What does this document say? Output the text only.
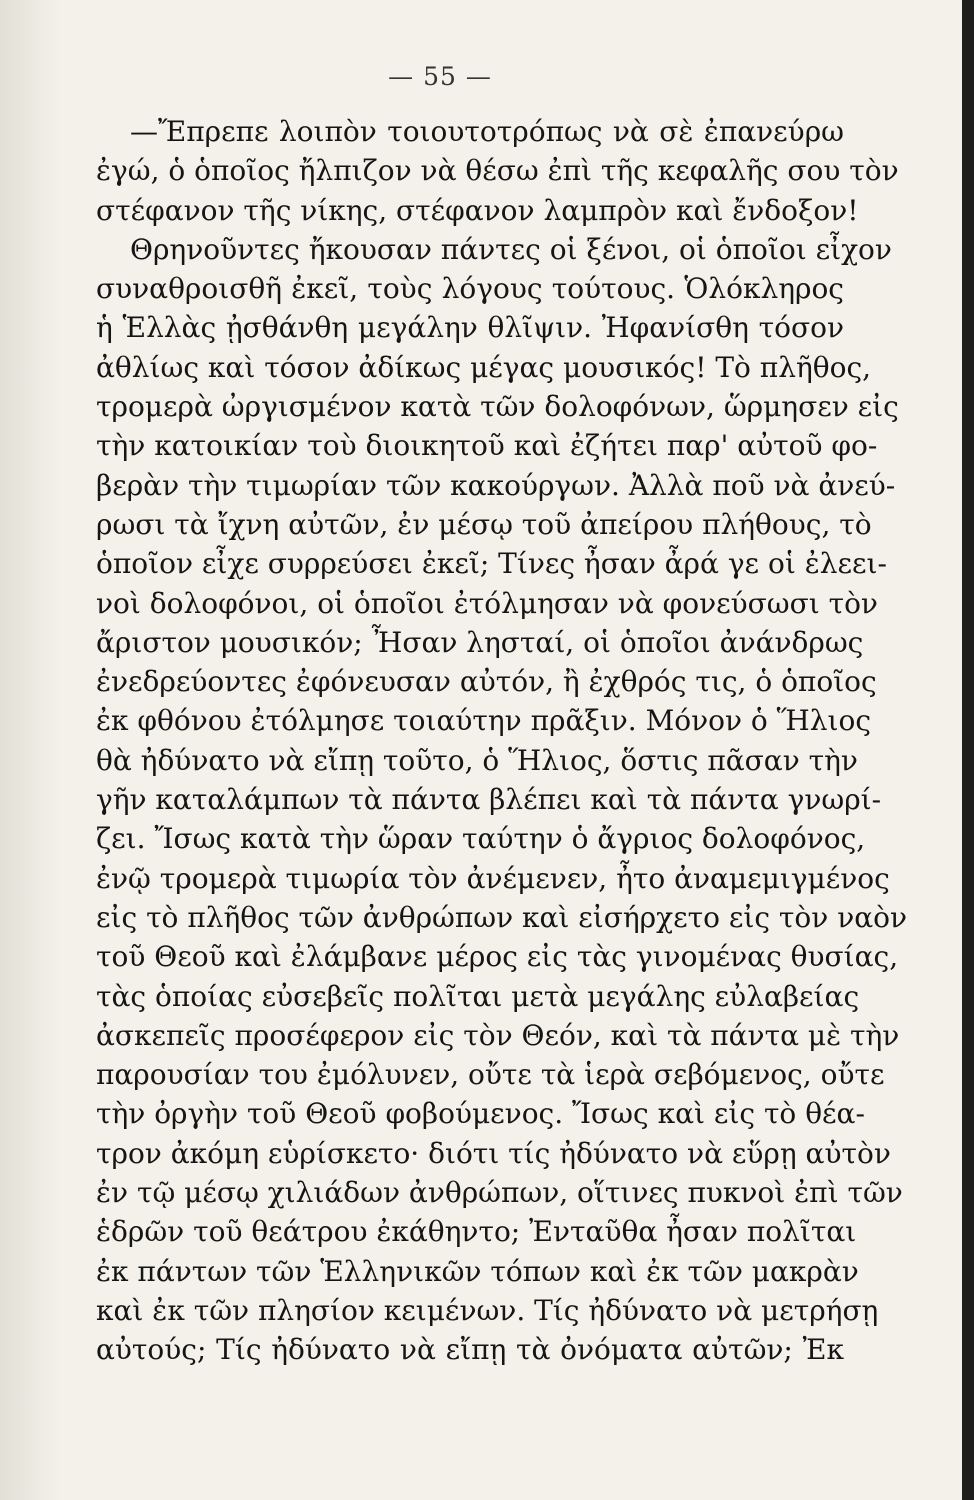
— 55 —
—Ἔπρεπε λοιπὸν τοιουτοτρόπως νὰ σὲ ἐπανεύρω
ἐγώ, ὁ ὁποῖος ἤλπιζον νὰ θέσω ἐπὶ τῆς κεφαλῆς σου τὸν
στέφανον τῆς νίκης, στέφανον λαμπρὸν καὶ ἔνδοξον!
Θρηνοῦντες ἤκουσαν πάντες οἱ ξένοι, οἱ ὁποῖοι εἶχον
συναθροισθῆ ἐκεῖ, τοὺς λόγους τούτους. Ὁλόκληρος
ἡ Ἑλλὰς ᾐσθάνθη μεγάλην θλῖψιν. Ἠφανίσθη τόσον
ἀθλίως καὶ τόσον ἀδίκως μέγας μουσικός! Τὸ πλῆθος,
τρομερὰ ὠργισμένον κατὰ τῶν δολοφόνων, ὥρμησεν εἰς
τὴν κατοικίαν τοὺ διοικητοῦ καὶ ἐζήτει παρ' αὐτοῦ φο-
βερὰν τὴν τιμωρίαν τῶν κακούργων. Ἀλλὰ ποῦ νὰ ἀνεύ-
ρωσι τὰ ἴχνη αὐτῶν, ἐν μέσῳ τοῦ ἀπείρου πλήθους, τὸ
ὁποῖον εἶχε συρρεύσει ἐκεῖ; Τίνες ἦσαν ἆρά γε οἱ ἐλεει-
νοὶ δολοφόνοι, οἱ ὁποῖοι ἐτόλμησαν νὰ φονεύσωσι τὸν
ἄριστον μουσικόν; Ἦσαν λησταί, οἱ ὁποῖοι ἀνάνδρως
ἐνεδρεύοντες ἐφόνευσαν αὐτόν, ἢ ἐχθρός τις, ὁ ὁποῖος
ἐκ φθόνου ἐτόλμησε τοιαύτην πρᾶξιν. Μόνον ὁ Ἥλιος
θὰ ἠδύνατο νὰ εἴπῃ τοῦτο, ὁ Ἥλιος, ὅστις πᾶσαν τὴν
γῆν καταλάμπων τὰ πάντα βλέπει καὶ τὰ πάντα γνωρί-
ζει. Ἴσως κατὰ τὴν ὥραν ταύτην ὁ ἄγριος δολοφόνος,
ἐνῷ τρομερὰ τιμωρία τὸν ἀνέμενεν, ἦτο ἀναμεμιγμένος
εἰς τὸ πλῆθος τῶν ἀνθρώπων καὶ εἰσήρχετο εἰς τὸν ναὸν
τοῦ Θεοῦ καὶ ἐλάμβανε μέρος εἰς τὰς γινομένας θυσίας,
τὰς ὁποίας εὐσεβεῖς πολῖται μετὰ μεγάλης εὐλαβείας
ἀσκεπεῖς προσέφερον εἰς τὸν Θεόν, καὶ τὰ πάντα μὲ τὴν
παρουσίαν του ἐμόλυνεν, οὔτε τὰ ἱερὰ σεβόμενος, οὔτε
τὴν ὀργὴν τοῦ Θεοῦ φοβούμενος. Ἴσως καὶ εἰς τὸ θέα-
τρον ἀκόμη εὑρίσκετο· διότι τίς ἠδύνατο νὰ εὕρῃ αὐτὸν
ἐν τῷ μέσῳ χιλιάδων ἀνθρώπων, οἵτινες πυκνοὶ ἐπὶ τῶν
ἑδρῶν τοῦ θεάτρου ἐκάθηντο; Ἐνταῦθα ἦσαν πολῖται
ἐκ πάντων τῶν Ἑλληνικῶν τόπων καὶ ἐκ τῶν μακρὰν
καὶ ἐκ τῶν πλησίον κειμένων. Τίς ἠδύνατο νὰ μετρήσῃ
αὐτούς; Τίς ἠδύνατο νὰ εἴπῃ τὰ ὀνόματα αὐτῶν; Ἐκ
